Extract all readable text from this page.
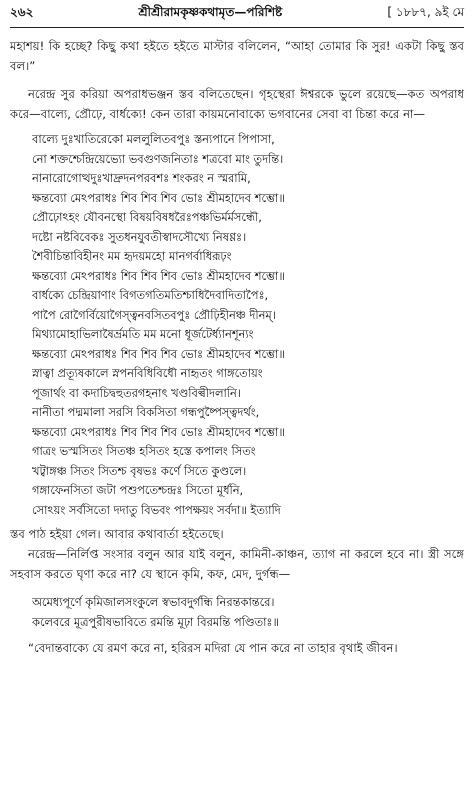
২৬২	শ্রীশ্রীরামকৃষ্ণকথামৃত—পরিশিষ্ট	[ ১৮৮৭, ৯ই মে

মহাশয়! কি হচ্ছে? কিছু কথা হইতে হইতে মাস্টার বলিলেন, “আহা তোমার কি সুর! একটা কিছু স্তব বল।”

নরেন্দ্র সুর করিয়া অপরাধভঞ্জন স্তব বলিতেছেন। গৃহস্থেরা ঈশ্বরকে ভুলে রয়েছে—কত অপরাধ করে—বাল্যে, প্রৌঢ়ে, বার্ধক্যে! কেন তারা কায়মনোবাক্যে ভগবানের সেবা বা চিন্তা করে না—

বাল্যে দুঃখাতিরেকো মললুলিতবপুঃ স্তন্যপানে পিপাসা,
নো শক্তশ্চেন্দ্রিয়েভ্যো ভবগুণজনিতাঃ শত্রবো মাং তুদন্তি।
নানারোগোত্থদুঃখাদ্রুদনপরবশঃ শংকরং ন স্মরামি,
ক্ষন্তব্যো মেঽপরাধঃ শিব শিব শিব ভোঃ শ্রীমহাদেব শম্ভো॥
প্রৌঢ়োঽহং যৌবনস্থো বিষয়বিষধরৈঃপঞ্চভির্মর্মসন্ধৌ,
দষ্টো নষ্টবিবেকঃ সুতধনযুবতীস্বাদসৌখ্যে নিষণ্ণঃ।
শৈবীচিন্তাবিহীনং মম হৃদয়মহো মানগর্বাধিরূঢ়ং
ক্ষন্তব্যো মেঽপরাধঃ শিব শিব শিব ভোঃ শ্রীমহাদেব শম্ভো॥
বার্ধক্যে চেন্দ্রিয়াণাং বিগতগতিমতিশ্চাধিদৈবাদিতাপৈঃ,
পাপৈ রোগৈর্বিয়োগৈস্ত্বনবসিতবপুঃ প্রৌঢ়িহীনঞ্চ দীনম্।
মিথ্যামোহাভিলাষৈর্ভ্রমতি মম মনো ধূর্জটের্ধ্যানশূন্যং
ক্ষন্তব্যো মেঽপরাধঃ শিব শিব শিব ভোঃ শ্রীমহাদেব শম্ভো॥
স্নাত্বা প্রত্যূষকালে স্নপনবিধিবিধৌ নাহৃতং গাঙ্গতোয়ং
পূজার্থং বা কদাচিদ্বহুতরগহনাৎ খণ্ডবিল্বীদলানি।
নানীতা পদ্মমালা সরসি বিকসিতা গন্ধপুষ্পৈস্ত্বদর্থং,
ক্ষন্তব্যো মেঽপরাধঃ শিব শিব শিব ভোঃ শ্রীমহাদেব শম্ভো॥
গাত্রং ভস্মসিতং সিতঞ্চ হসিতং হস্তে কপালং সিতং
খট্বাঙ্গঞ্চ সিতং সিতশ্চ বৃষভঃ কর্ণে সিতে কুণ্ডলে।
গঙ্গাফেনসিতা জটা পশুপতেশ্চন্দ্রঃ সিতো মূর্ধনি,
সোঽয়ং সর্বসিতো দদাতু বিভবং পাপক্ষয়ং সর্বদা॥ ইত্যাদি

স্তব পাঠ হইয়া গেল। আবার কথাবার্তা হইতেছে।

নরেন্দ্র—নির্লিপ্ত সংসার বলুন আর যাই বলুন, কামিনী-কাঞ্চন, ত্যাগ না করলে হবে না। স্ত্রী সঙ্গে সহবাস করতে ঘৃণা করে না? যে স্থানে কৃমি, কফ, মেদ, দুর্গন্ধ—

অমেধ্যপূর্ণে কৃমিজালসংকুলে স্বভাবদুর্গন্ধি নিরন্তকান্তরে।
কলেবরে মূত্রপুরীষভাবিতে রমন্তি মূঢ়া বিরমন্তি পণ্ডিতাঃ॥

“বেদান্তবাক্যে যে রমণ করে না, হরিরস মদিরা যে পান করে না তাহার বৃথাই জীবন।
